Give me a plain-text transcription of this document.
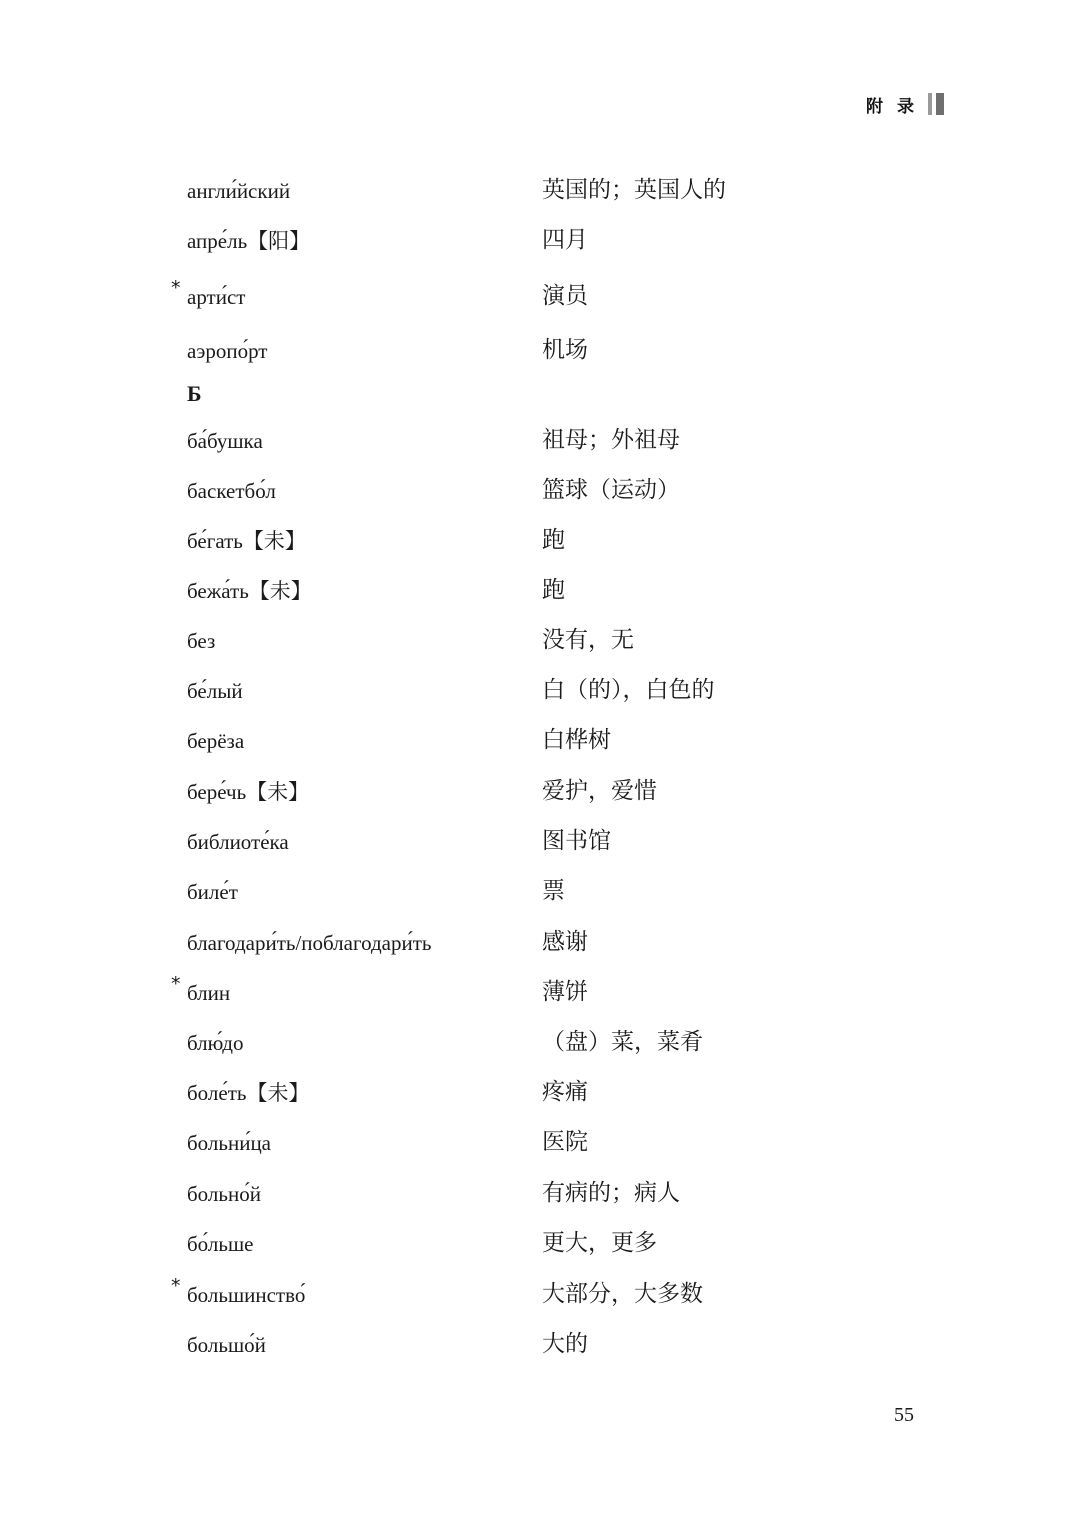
附录
англи́йский	英国的；英国人的
апре́ль【阳】	四月
* арти́ст	演员
аэропо́рт	机场
Б
ба́бушка	祖母；外祖母
баскетбо́л	篮球（运动）
бе́гать【未】	跑
бежа́ть【未】	跑
без	没有，无
бе́лый	白（的），白色的
берёза	白桦树
бере́чь【未】	爱护，爱惜
библиоте́ка	图书馆
биле́т	票
благодари́ть/поблагодари́ть	感谢
* блин	薄饼
блю́до	（盘）菜，菜肴
боле́ть【未】	疼痛
больни́ца	医院
больно́й	有病的；病人
бо́льше	更大，更多
* большинство́	大部分，大多数
большо́й	大的
55
